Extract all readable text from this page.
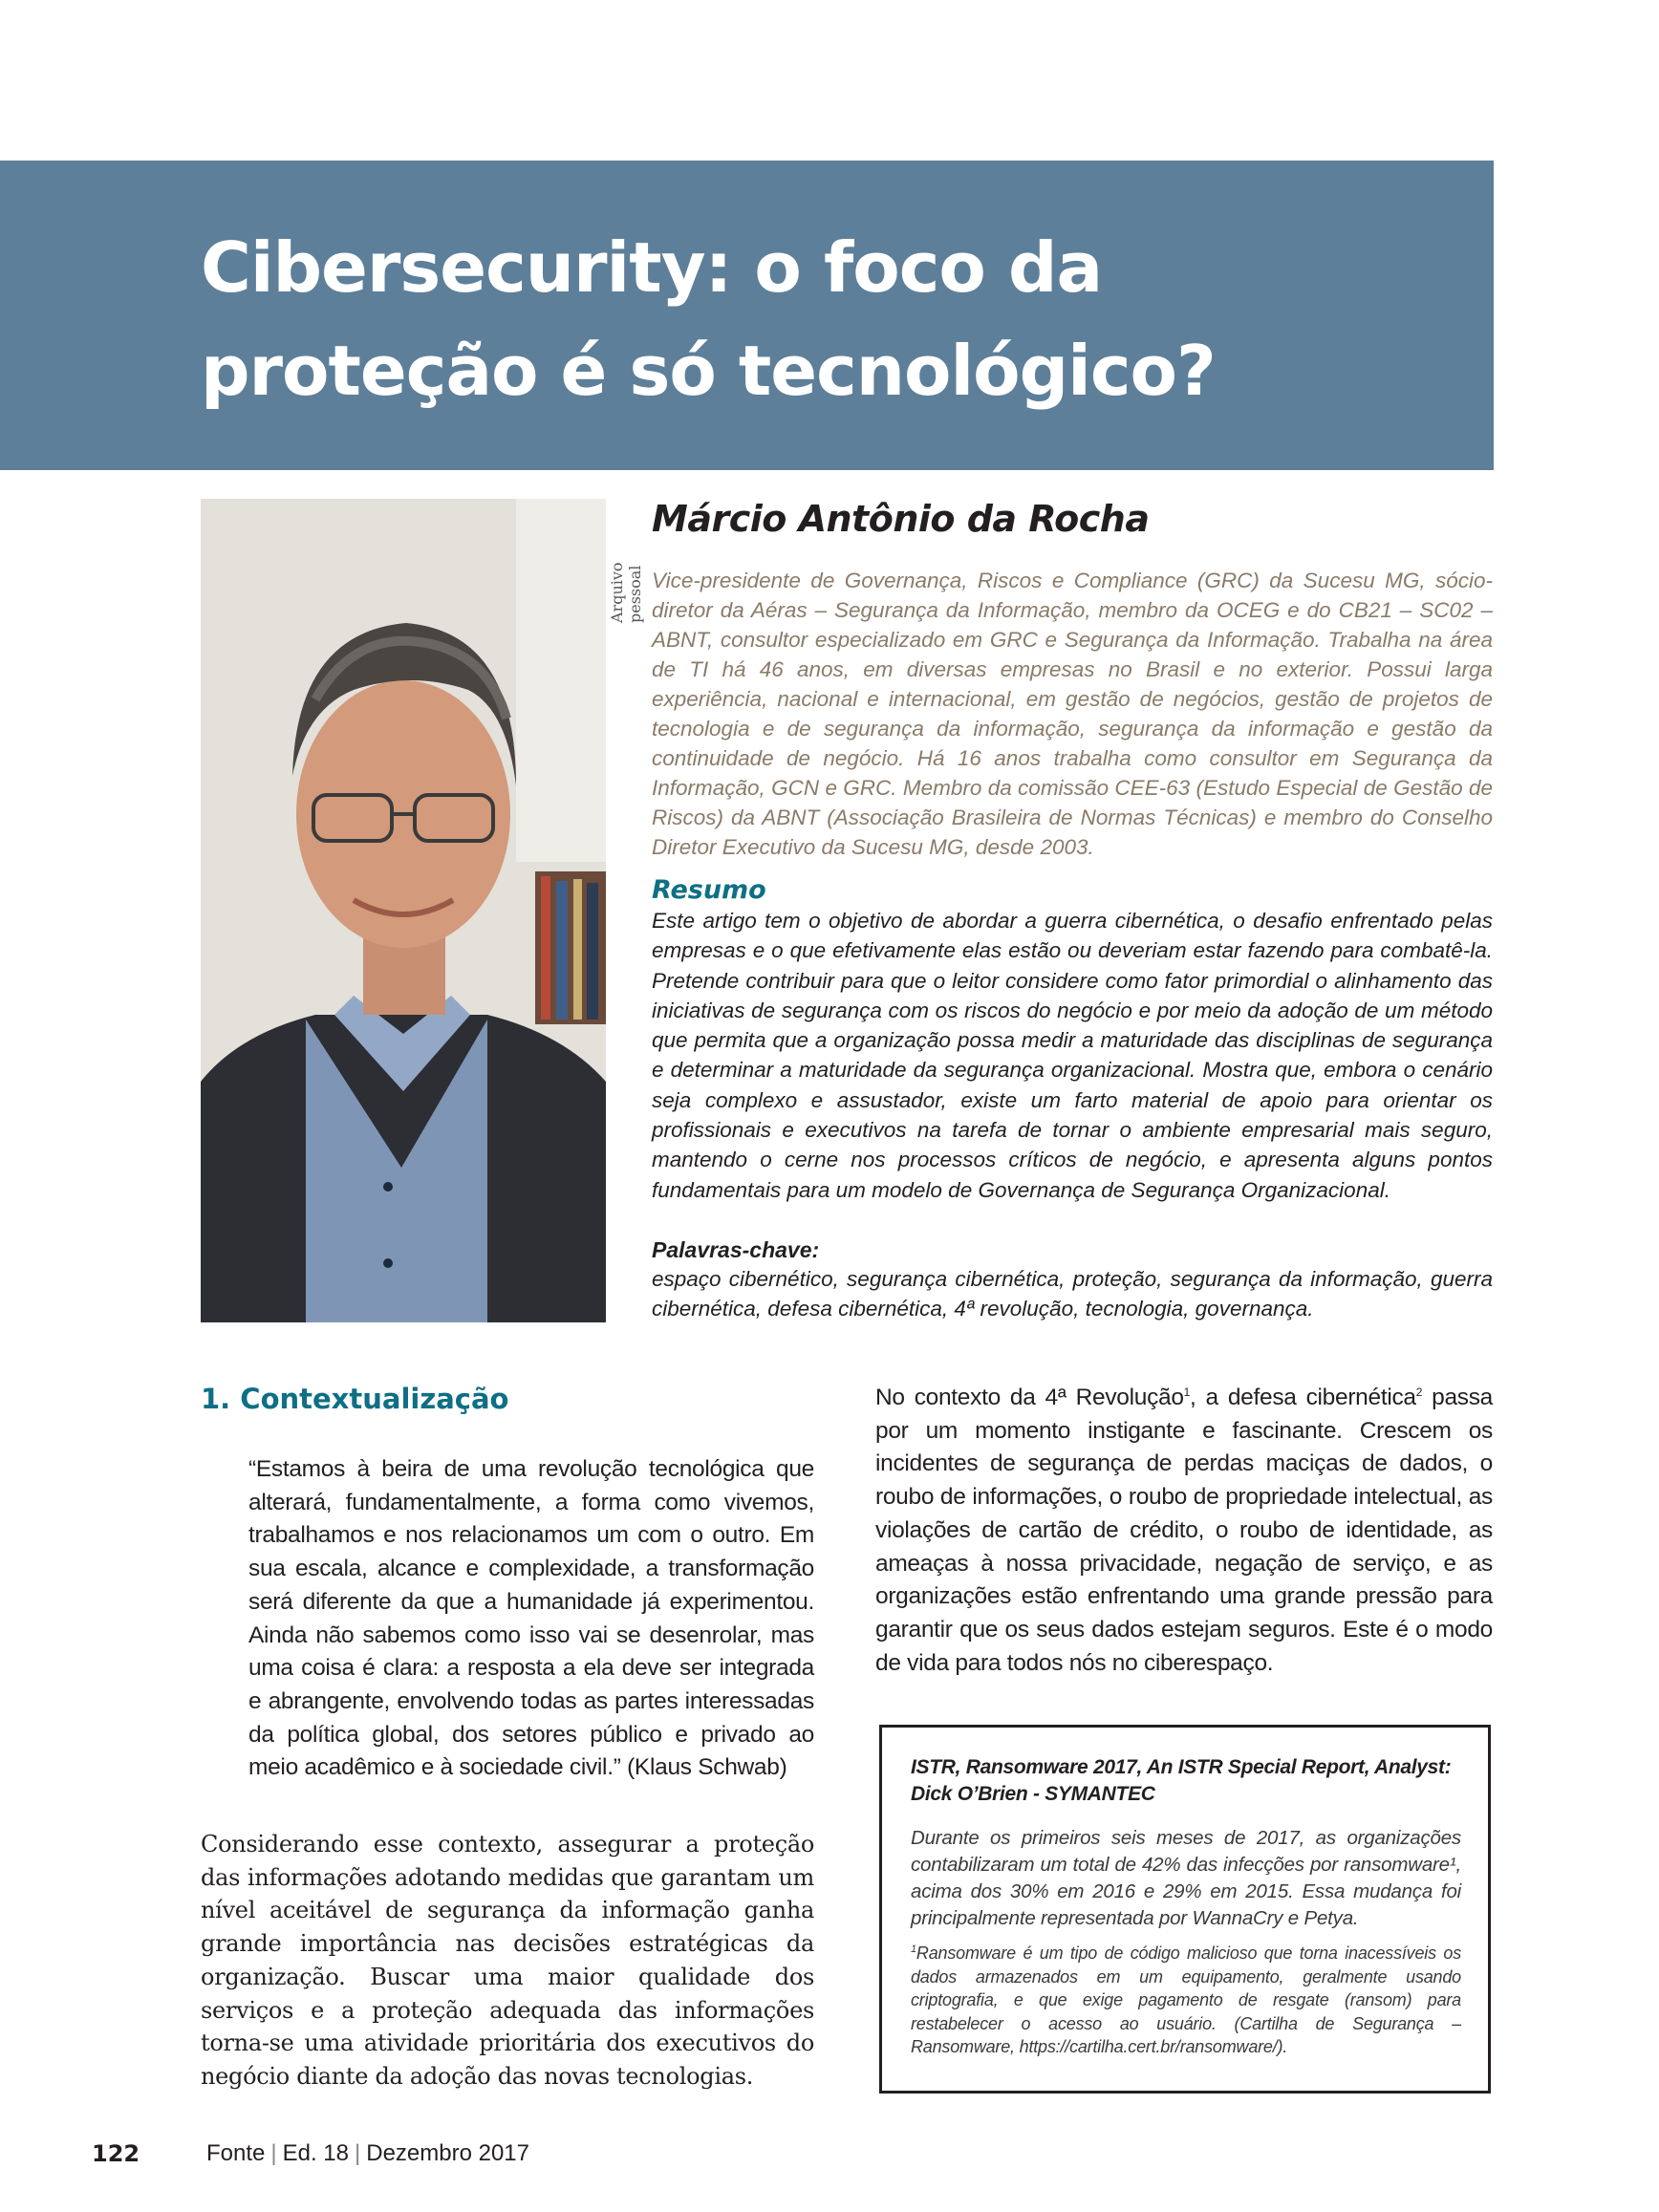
Cibersecurity: o foco da
proteção é só tecnológico?
Arquivo pessoal
Márcio Antônio da Rocha

Vice-presidente de Governança, Riscos e Compliance (GRC) da Sucesu MG, sócio-diretor da Aéras – Segurança da Informação, membro da OCEG e do CB21 – SC02 – ABNT, consultor especializado em GRC e Segurança da Informação. Trabalha na área de TI há 46 anos, em diversas empresas no Brasil e no exterior. Possui larga experiência, nacional e internacional, em gestão de negócios, gestão de projetos de tecnologia e de segurança da informação, segurança da informação e gestão da continuidade de negócio. Há 16 anos trabalha como consultor em Segurança da Informação, GCN e GRC. Membro da comissão CEE-63 (Estudo Especial de Gestão de Riscos) da ABNT (Associação Brasileira de Normas Técnicas) e membro do Conselho Diretor Executivo da Sucesu MG, desde 2003.

Resumo

Este artigo tem o objetivo de abordar a guerra cibernética, o desafio enfrentado pelas empresas e o que efetivamente elas estão ou deveriam estar fazendo para combatê-la. Pretende contribuir para que o leitor considere como fator primordial o alinhamento das iniciativas de segurança com os riscos do negócio e por meio da adoção de um método que permita que a organização possa medir a maturidade das disciplinas de segurança e determinar a maturidade da segurança organizacional. Mostra que, embora o cenário seja complexo e assustador, existe um farto material de apoio para orientar os profissionais e executivos na tarefa de tornar o ambiente empresarial mais seguro, mantendo o cerne nos processos críticos de negócio, e apresenta alguns pontos fundamentais para um modelo de Governança de Segurança Organizacional.

Palavras-chave:

espaço cibernético, segurança cibernética, proteção, segurança da informação, guerra cibernética, defesa cibernética, 4ª revolução, tecnologia, governança.

1. Contextualização

“Estamos à beira de uma revolução tecnológica que alterará, fundamentalmente, a forma como vivemos, trabalhamos e nos relacionamos um com o outro. Em sua escala, alcance e complexidade, a transformação será diferente da que a humanidade já experimentou. Ainda não sabemos como isso vai se desenrolar, mas uma coisa é clara: a resposta a ela deve ser integrada e abrangente, envolvendo todas as partes interessadas da política global, dos setores público e privado ao meio acadêmico e à sociedade civil.” (Klaus Schwab)

Considerando esse contexto, assegurar a proteção das informações adotando medidas que garantam um nível aceitável de segurança da informação ganha grande importância nas decisões estratégicas da organização. Buscar uma maior qualidade dos serviços e a proteção adequada das informações torna-se uma atividade prioritária dos executivos do negócio diante da adoção das novas tecnologias.

No contexto da 4ª Revolução$^1$, a defesa cibernética$^2$ passa por um momento instigante e fascinante. Crescem os incidentes de segurança de perdas maciças de dados, o roubo de informações, o roubo de propriedade intelectual, as violações de cartão de crédito, o roubo de identidade, as ameaças à nossa privacidade, negação de serviço, e as organizações estão enfrentando uma grande pressão para garantir que os seus dados estejam seguros. Este é o modo de vida para todos nós no ciberespaço.

ISTR, Ransomware 2017, An ISTR Special Report, Analyst: Dick O’Brien - SYMANTEC

Durante os primeiros seis meses de 2017, as organizações contabilizaram um total de 42% das infecções por ransomware¹, acima dos 30% em 2016 e 29% em 2015. Essa mudança foi principalmente representada por WannaCry e Petya.

$^1$Ransomware é um tipo de código malicioso que torna inacessíveis os dados armazenados em um equipamento, geralmente usando criptografia, e que exige pagamento de resgate (ransom) para restabelecer o acesso ao usuário. (Cartilha de Segurança – Ransomware, https://cartilha.cert.br/ransomware/).

122	Fonte | Ed. 18 | Dezembro 2017
